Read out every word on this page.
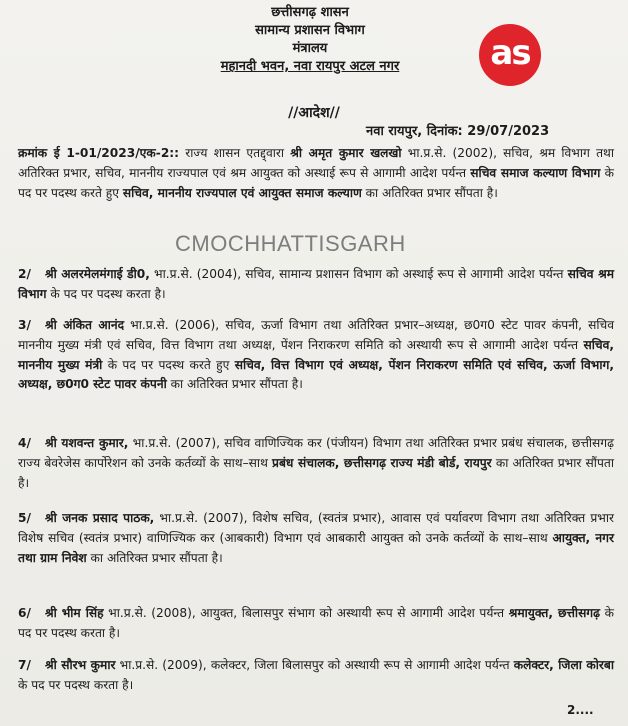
छत्तीसगढ़ शासन
सामान्य प्रशासन विभाग
मंत्रालय
महानदी भवन, नवा रायपुर अटल नगर	as
//आदेश//
नवा रायपुर, दिनांक: 29/07/2023
क्रमांक ई 1-01/2023/एक-2:: राज्य शासन एतद्द्वारा श्री अमृत कुमार खलखो भा.प्र.से. (2002), सचिव, श्रम विभाग तथा अतिरिक्त प्रभार, सचिव, माननीय राज्यपाल एवं श्रम आयुक्त को अस्थाई रूप से आगामी आदेश पर्यन्त सचिव समाज कल्याण विभाग के पद पर पदस्थ करते हुए सचिव, माननीय राज्यपाल एवं आयुक्त समाज कल्याण का अतिरिक्त प्रभार सौंपता है।
CMOCHHATTISGARH
2/ श्री अलरमेलमंगाई डी0, भा.प्र.से. (2004), सचिव, सामान्य प्रशासन विभाग को अस्थाई रूप से आगामी आदेश पर्यन्त सचिव श्रम विभाग के पद पर पदस्थ करता है।
3/ श्री अंकित आनंद भा.प्र.से. (2006), सचिव, ऊर्जा विभाग तथा अतिरिक्त प्रभार–अध्यक्ष, छ0ग0 स्टेट पावर कंपनी, सचिव माननीय मुख्य मंत्री एवं सचिव, वित्त विभाग तथा अध्यक्ष, पेंशन निराकरण समिति को अस्थायी रूप से आगामी आदेश पर्यन्त सचिव, माननीय मुख्य मंत्री के पद पर पदस्थ करते हुए सचिव, वित्त विभाग एवं अध्यक्ष, पेंशन निराकरण समिति एवं सचिव, ऊर्जा विभाग, अध्यक्ष, छ0ग0 स्टेट पावर कंपनी का अतिरिक्त प्रभार सौंपता है।
4/ श्री यशवन्त कुमार, भा.प्र.से. (2007), सचिव वाणिज्यिक कर (पंजीयन) विभाग तथा अतिरिक्त प्रभार प्रबंध संचालक, छत्तीसगढ़ राज्य बेवरेजेस कार्पोरेशन को उनके कर्तव्यों के साथ–साथ प्रबंध संचालक, छत्तीसगढ़ राज्य मंडी बोर्ड, रायपुर का अतिरिक्त प्रभार सौंपता है।
5/ श्री जनक प्रसाद पाठक, भा.प्र.से. (2007), विशेष सचिव, (स्वतंत्र प्रभार), आवास एवं पर्यावरण विभाग तथा अतिरिक्त प्रभार विशेष सचिव (स्वतंत्र प्रभार) वाणिज्यिक कर (आबकारी) विभाग एवं आबकारी आयुक्त को उनके कर्तव्यों के साथ–साथ आयुक्त, नगर तथा ग्राम निवेश का अतिरिक्त प्रभार सौंपता है।
6/ श्री भीम सिंह भा.प्र.से. (2008), आयुक्त, बिलासपुर संभाग को अस्थायी रूप से आगामी आदेश पर्यन्त श्रमायुक्त, छत्तीसगढ़ के पद पर पदस्थ करता है।
7/ श्री सौरभ कुमार भा.प्र.से. (2009), कलेक्टर, जिला बिलासपुर को अस्थायी रूप से आगामी आदेश पर्यन्त कलेक्टर, जिला कोरबा के पद पर पदस्थ करता है।
2....
